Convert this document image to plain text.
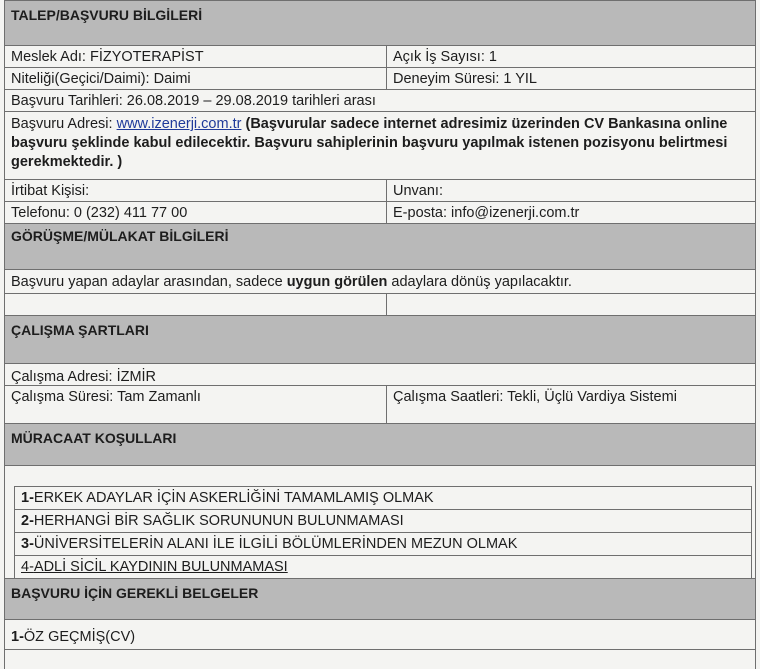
TALEP/BAŞVURU BİLGİLERİ
Meslek Adı: FİZYOTERAPİST	Açık İş Sayısı: 1
Niteliği(Geçici/Daimi): Daimi	Deneyim Süresi: 1 YIL
Başvuru Tarihleri: 26.08.2019 – 29.08.2019 tarihleri arası
Başvuru Adresi: www.izenerji.com.tr (Başvurular sadece internet adresimiz üzerinden CV Bankasına online başvuru şeklinde kabul edilecektir. Başvuru sahiplerinin başvuru yapılmak istenen pozisyonu belirtmesi gerekmektedir. )
İrtibat Kişisi:	Unvanı:
Telefonu: 0 (232) 411 77 00	E-posta: info@izenerji.com.tr
GÖRÜŞME/MÜLAKAT BİLGİLERİ
Başvuru yapan adaylar arasından, sadece uygun görülen adaylara dönüş yapılacaktır.
ÇALIŞMA ŞARTLARI
Çalışma Adresi: İZMİR
Çalışma Süresi: Tam Zamanlı	Çalışma Saatleri: Tekli, Üçlü Vardiya Sistemi
MÜRACAAT KOŞULLARI
1-ERKEK ADAYLAR İÇİN ASKERLİĞİNİ TAMAMLAMIŞ OLMAK
2-HERHANGİ BİR SAĞLIK SORUNUNUN BULUNMAMASI
3-ÜNİVERSİTELERİN ALANI İLE İLGİLİ BÖLÜMLERİNDEN MEZUN OLMAK
4-ADLİ SİCİL KAYDININ BULUNMAMASI
BAŞVURU İÇİN GEREKLİ BELGELER
1-ÖZ GEÇMİŞ(CV)
